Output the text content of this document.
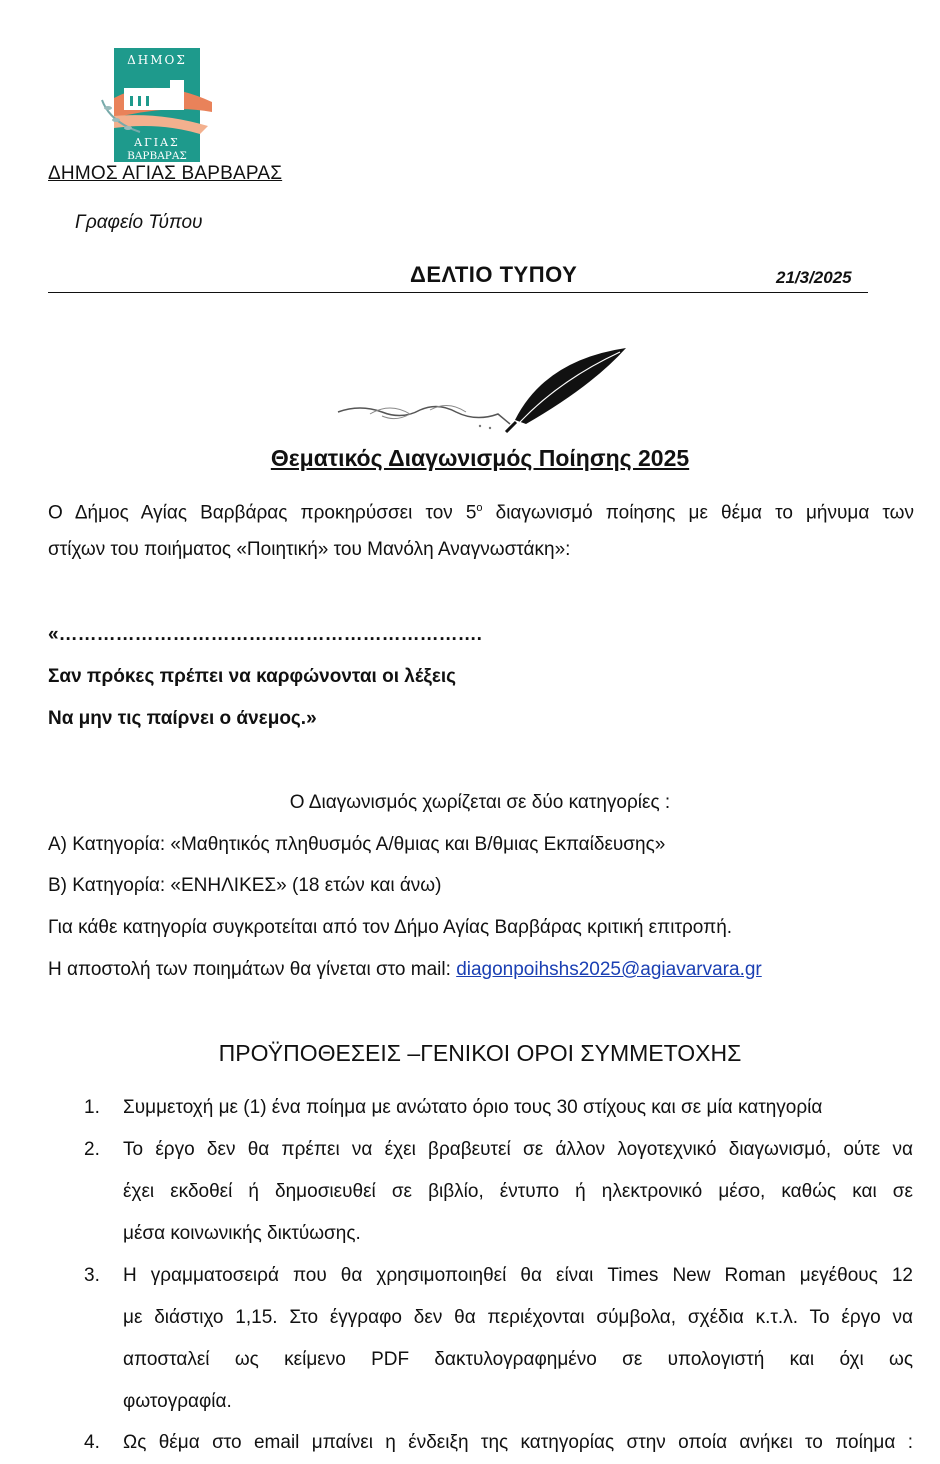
ΔΗΜΟΣ
ΑΓΙΑΣ
ΒΑΡΒΑΡΑΣ
ΔΗΜΟΣ ΑΓΙΑΣ ΒΑΡΒΑΡΑΣ
Γραφείο Τύπου
ΔΕΛΤΙΟ ΤΥΠΟΥ	21/3/2025
Θεματικός Διαγωνισμός Ποίησης 2025
Ο Δήμος Αγίας Βαρβάρας προκηρύσσει τον $5^o$ διαγωνισμό ποίησης με θέμα το μήνυμα των
στίχων του ποιήματος «Ποιητική» του Μανόλη Αναγνωστάκη»:
«………………………………………………………….
Σαν πρόκες πρέπει να καρφώνονται οι λέξεις
Να μην τις παίρνει ο άνεμος.»
Ο Διαγωνισμός χωρίζεται σε δύο κατηγορίες :
Α) Κατηγορία: «Μαθητικός πληθυσμός Α/θμιας και Β/θμιας Εκπαίδευσης»
Β) Κατηγορία: «ΕΝΗΛΙΚΕΣ» (18 ετών και άνω)
Για κάθε κατηγορία συγκροτείται από τον Δήμο Αγίας Βαρβάρας κριτική επιτροπή.
Η αποστολή των ποιημάτων θα γίνεται στο mail: diagonpoihshs2025@agiavarvara.gr
ΠΡΟΫΠΟΘΕΣΕΙΣ –ΓΕΝΙΚΟΙ ΟΡΟΙ ΣΥΜΜΕΤΟΧΗΣ
1. Συμμετοχή με (1) ένα ποίημα με ανώτατο όριο τους 30 στίχους και σε μία κατηγορία
2. Το έργο δεν θα πρέπει να έχει βραβευτεί σε άλλον λογοτεχνικό διαγωνισμό, ούτε να
έχει εκδοθεί ή δημοσιευθεί σε βιβλίο, έντυπο ή ηλεκτρονικό μέσο, καθώς και σε
μέσα κοινωνικής δικτύωσης.
3. Η γραμματοσειρά που θα χρησιμοποιηθεί θα είναι Times New Roman μεγέθους 12
με διάστιχο 1,15. Στο έγγραφο δεν θα περιέχονται σύμβολα, σχέδια κ.τ.λ. Το έργο να
αποσταλεί ως κείμενο PDF δακτυλογραφημένο σε υπολογιστή και όχι ως
φωτογραφία.
4. Ως θέμα στο email μπαίνει η ένδειξη της κατηγορίας στην οποία ανήκει το ποίημα :
